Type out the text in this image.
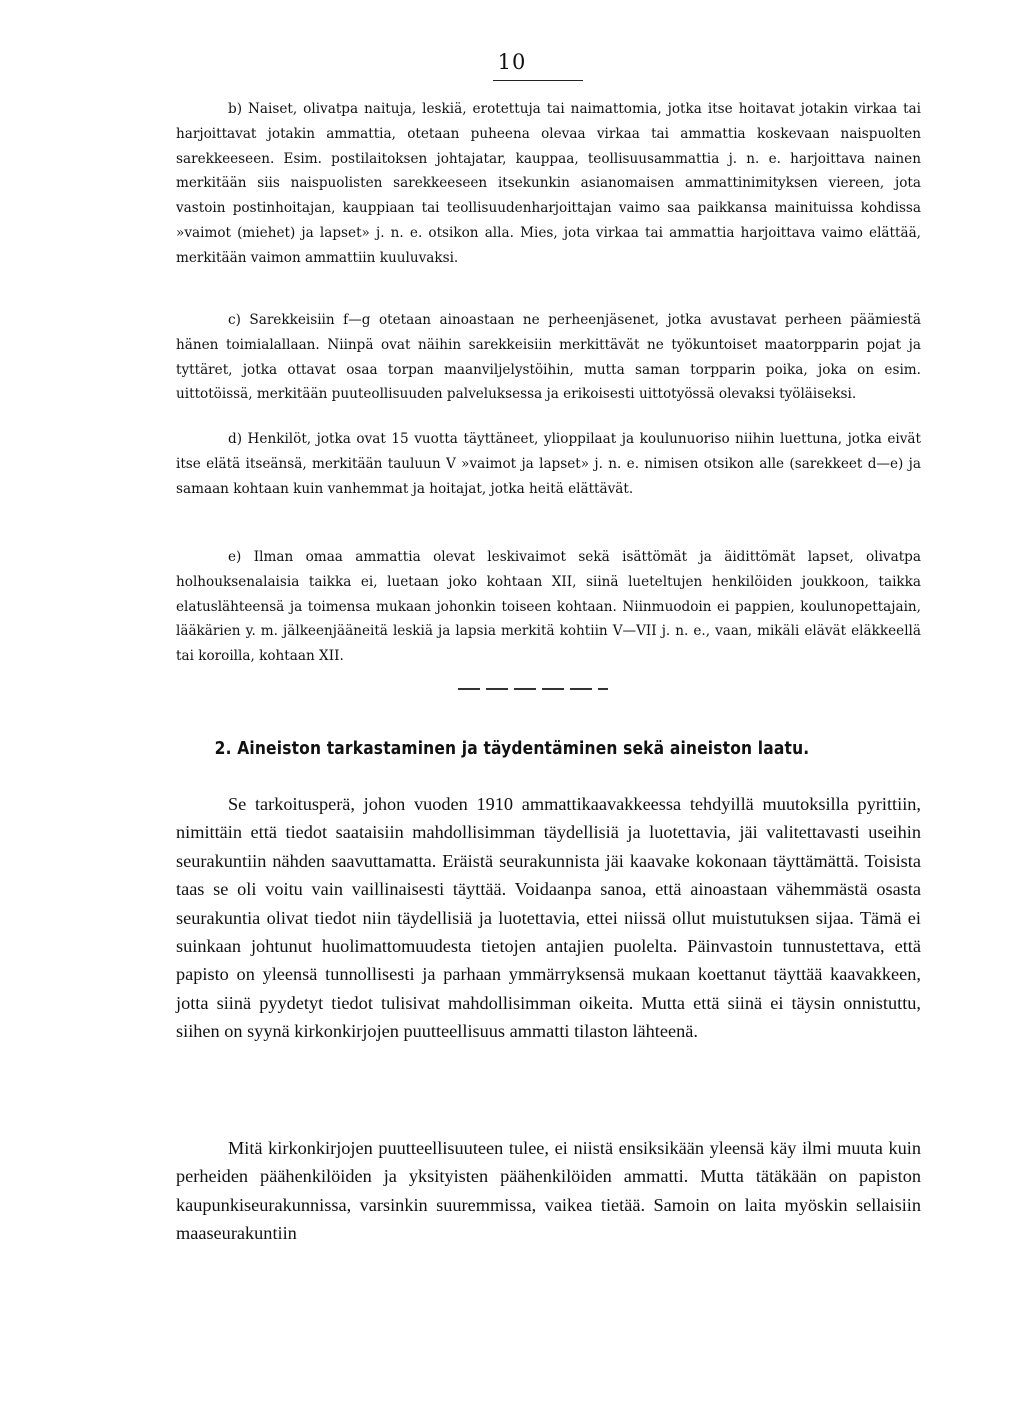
10

b) Naiset, olivatpa naituja, leskiä, erotettuja tai naimattomia, jotka itse hoitavat jotakin virkaa tai harjoittavat jotakin ammattia, otetaan puheena olevaa virkaa tai ammattia koskevaan naispuolten sarekkeeseen. Esim. postilaitoksen johtajatar, kauppaa, teollisuusammattia j. n. e. harjoittava nainen merkitään siis naispuolisten sarekkeeseen itsekunkin asianomaisen ammattinimityksen viereen, jota vastoin postinhoitajan, kauppiaan tai teollisuudenharjoittajan vaimo saa paikkansa mainituissa kohdissa »vaimot (miehet) ja lapset» j. n. e. otsikon alla. Mies, jota virkaa tai ammattia harjoittava vaimo elättää, merkitään vaimon ammattiin kuuluvaksi.

c) Sarekkeisiin f—g otetaan ainoastaan ne perheenjäsenet, jotka avustavat perheen päämiestä hänen toimialallaan. Niinpä ovat näihin sarekkeisiin merkittävät ne työkuntoiset maatorpparin pojat ja tyttäret, jotka ottavat osaa torpan maanviljelystöihin, mutta saman torpparin poika, joka on esim. uittotöissä, merkitään puuteollisuuden palveluksessa ja erikoisesti uittotyössä olevaksi työläiseksi.

d) Henkilöt, jotka ovat 15 vuotta täyttäneet, ylioppilaat ja koulunuoriso niihin luettuna, jotka eivät itse elätä itseänsä, merkitään tauluun V »vaimot ja lapset» j. n. e. nimisen otsikon alle (sarekkeet d—e) ja samaan kohtaan kuin vanhemmat ja hoitajat, jotka heitä elättävät.

e) Ilman omaa ammattia olevat leskivaimot sekä isättömät ja äidittömät lapset, olivatpa holhouksenalaisia taikka ei, luetaan joko kohtaan XII, siinä lueteltujen henkilöiden joukkoon, taikka elatuslähteensä ja toimensa mukaan johonkin toiseen kohtaan. Niinmuodoin ei pappien, koulunopettajain, lääkärien y. m. jälkeenjääneitä leskiä ja lapsia merkitä kohtiin V—VII j. n. e., vaan, mikäli elävät eläkkeellä tai koroilla, kohtaan XII.

2. Aineiston tarkastaminen ja täydentäminen sekä aineiston laatu.

Se tarkoitusperä, johon vuoden 1910 ammattikaavakkeessa tehdyillä muutoksilla pyrittiin, nimittäin että tiedot saataisiin mahdollisimman täydellisiä ja luotettavia, jäi valitettavasti useihin seurakuntiin nähden saavuttamatta. Eräistä seurakunnista jäi kaavake kokonaan täyttämättä. Toisista taas se oli voitu vain vaillinaisesti täyttää. Voidaanpa sanoa, että ainoastaan vähemmästä osasta seurakuntia olivat tiedot niin täydellisiä ja luotettavia, ettei niissä ollut muistutuksen sijaa. Tämä ei suinkaan johtunut huolimattomuudesta tietojen antajien puolelta. Päinvastoin tunnustettava, että papisto on yleensä tunnollisesti ja parhaan ymmärryksensä mukaan koettanut täyttää kaavakkeen, jotta siinä pyydetyt tiedot tulisivat mahdollisimman oikeita. Mutta että siinä ei täysin onnistuttu, siihen on syynä kirkonkirjojen puutteellisuus ammatti tilaston lähteenä.

Mitä kirkonkirjojen puutteellisuuteen tulee, ei niistä ensiksikään yleensä käy ilmi muuta kuin perheiden päähenkilöiden ja yksityisten päähenkilöiden ammatti. Mutta tätäkään on papiston kaupunkiseurakunnissa, varsinkin suuremmissa, vaikea tietää. Samoin on laita myöskin sellaisiin maaseurakuntiin
